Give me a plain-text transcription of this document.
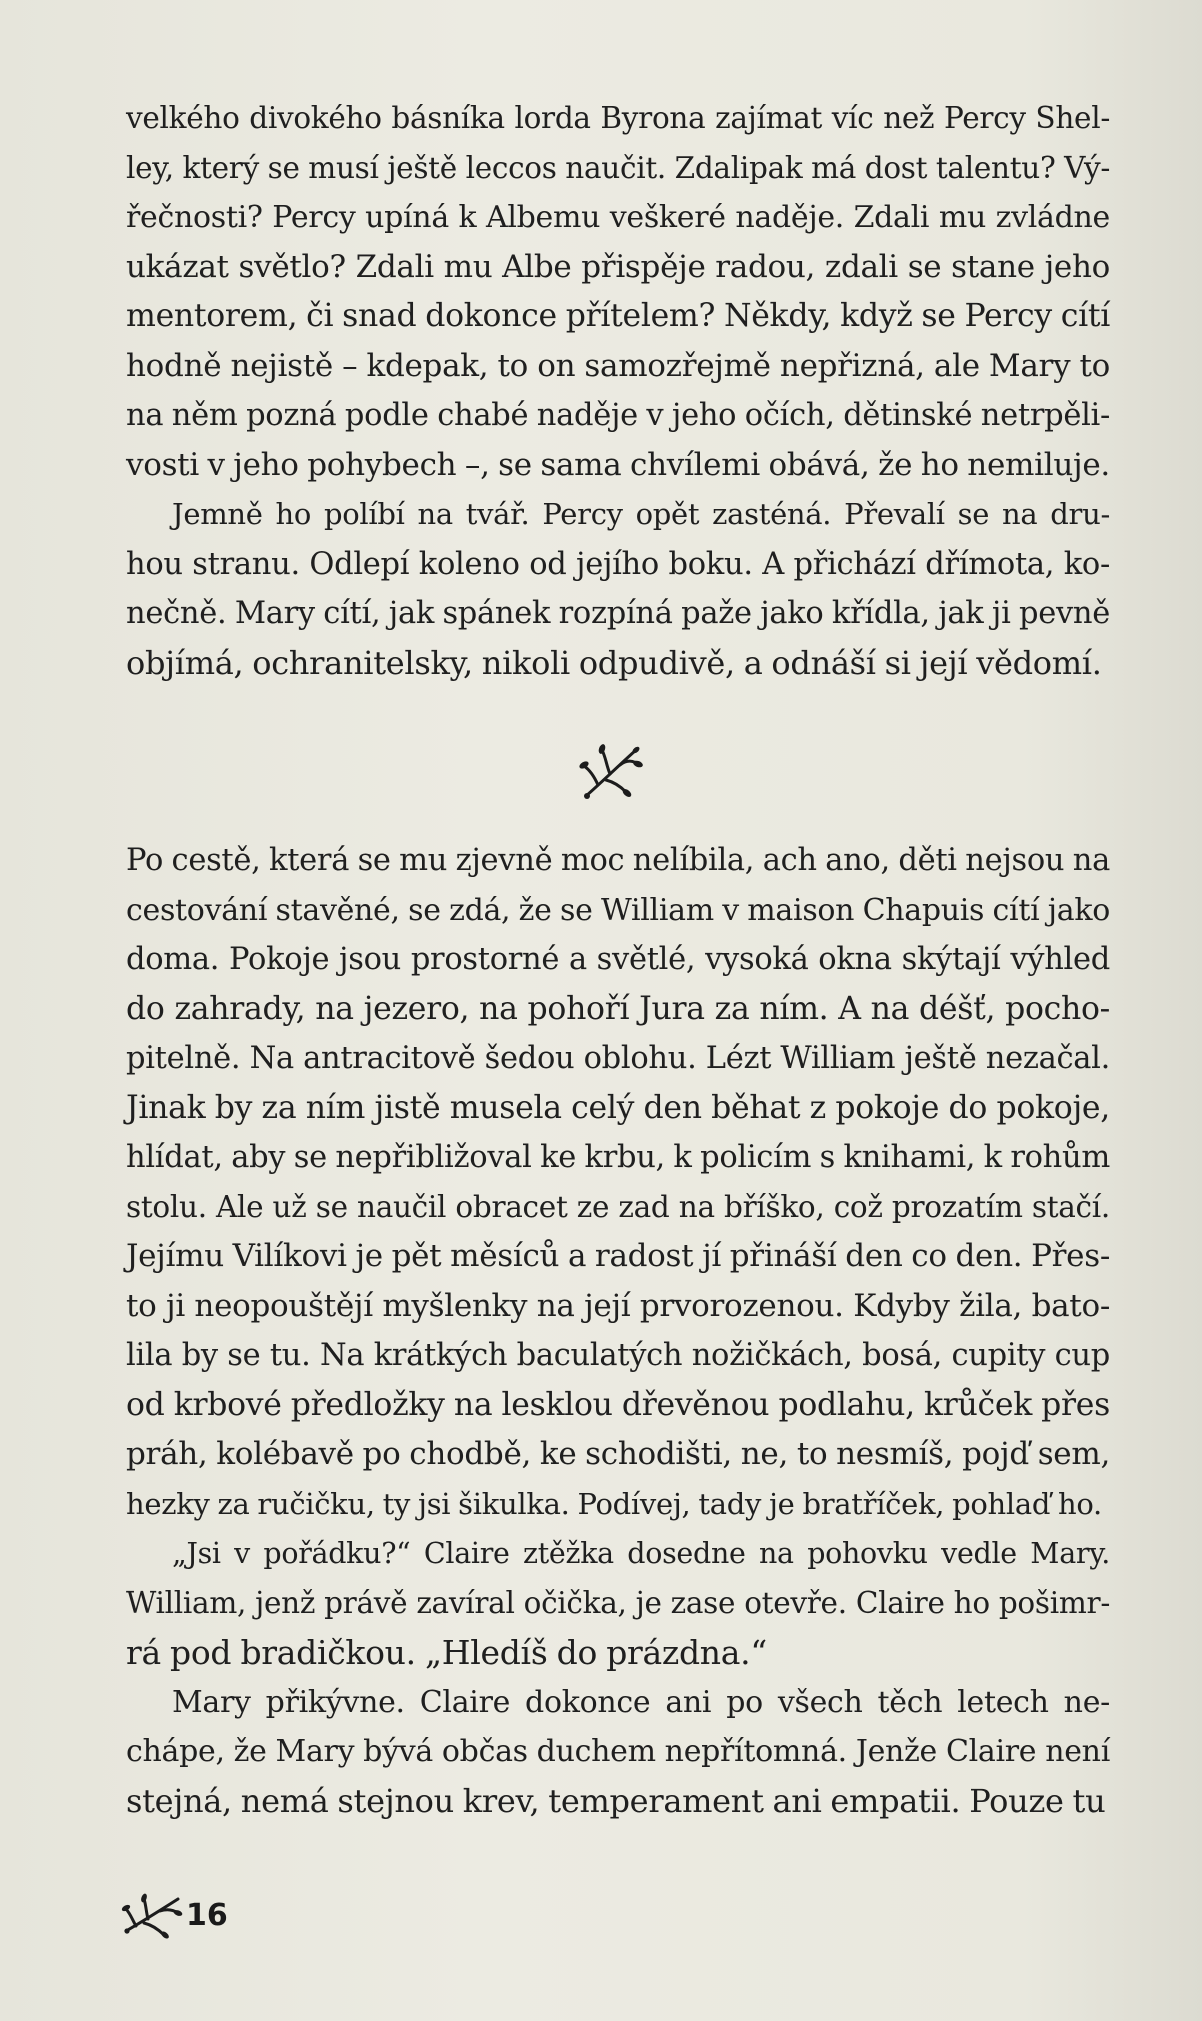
velkého divokého básníka lorda Byrona zajímat víc než Percy Shel-
ley, který se musí ještě leccos naučit. Zdalipak má dost talentu? Vý-
řečnosti? Percy upíná k Albemu veškeré naděje. Zdali mu zvládne
ukázat světlo? Zdali mu Albe přispěje radou, zdali se stane jeho
mentorem, či snad dokonce přítelem? Někdy, když se Percy cítí
hodně nejistě – kdepak, to on samozřejmě nepřizná, ale Mary to
na něm pozná podle chabé naděje v jeho očích, dětinské netrpěli-
vosti v jeho pohybech –, se sama chvílemi obává, že ho nemiluje.
Jemně ho políbí na tvář. Percy opět zasténá. Převalí se na dru-
hou stranu. Odlepí koleno od jejího boku. A přichází dřímota, ko-
nečně. Mary cítí, jak spánek rozpíná paže jako křídla, jak ji pevně
objímá, ochranitelsky, nikoli odpudivě, a odnáší si její vědomí.
Po cestě, která se mu zjevně moc nelíbila, ach ano, děti nejsou na
cestování stavěné, se zdá, že se William v maison Chapuis cítí jako
doma. Pokoje jsou prostorné a světlé, vysoká okna skýtají výhled
do zahrady, na jezero, na pohoří Jura za ním. A na déšť, pocho-
pitelně. Na antracitově šedou oblohu. Lézt William ještě nezačal.
Jinak by za ním jistě musela celý den běhat z pokoje do pokoje,
hlídat, aby se nepřibližoval ke krbu, k policím s knihami, k rohům
stolu. Ale už se naučil obracet ze zad na bříško, což prozatím stačí.
Jejímu Vilíkovi je pět měsíců a radost jí přináší den co den. Přes-
to ji neopouštějí myšlenky na její prvorozenou. Kdyby žila, bato-
lila by se tu. Na krátkých baculatých nožičkách, bosá, cupity cup
od krbové předložky na lesklou dřevěnou podlahu, krůček přes
práh, kolébavě po chodbě, ke schodišti, ne, to nesmíš, pojď sem,
hezky za ručičku, ty jsi šikulka. Podívej, tady je bratříček, pohlaď ho.
„Jsi v pořádku?“ Claire ztěžka dosedne na pohovku vedle Mary.
William, jenž právě zavíral očička, je zase otevře. Claire ho pošimr-
rá pod bradičkou. „Hledíš do prázdna.“
Mary přikývne. Claire dokonce ani po všech těch letech ne-
chápe, že Mary bývá občas duchem nepřítomná. Jenže Claire není
stejná, nemá stejnou krev, temperament ani empatii. Pouze tu
16
